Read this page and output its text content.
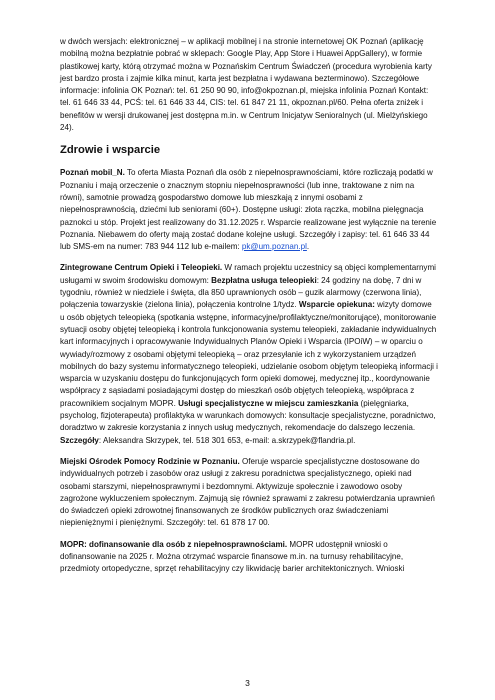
w dwóch wersjach: elektronicznej – w aplikacji mobilnej i na stronie internetowej OK Poznań (aplikację mobilną można bezpłatnie pobrać w sklepach: Google Play, App Store i Huawei AppGallery), w formie plastikowej karty, którą otrzymać można w Poznańskim Centrum Świadczeń (procedura wyrobienia karty jest bardzo prosta i zajmie kilka minut, karta jest bezpłatna i wydawana bezterminowo). Szczegółowe informacje: infolinia OK Poznań: tel. 61 250 90 90, info@okpoznan.pl, miejska infolinia Poznań Kontakt: tel. 61 646 33 44, PCŚ: tel. 61 646 33 44, CIS: tel. 61 847 21 11, okpoznan.pl/60. Pełna oferta zniżek i benefitów w wersji drukowanej jest dostępna m.in. w Centrum Inicjatyw Senioralnych (ul. Mielżyńskiego 24).

Zdrowie i wsparcie

Poznań mobil_N. To oferta Miasta Poznań dla osób z niepełnosprawnościami, które rozliczają podatki w Poznaniu i mają orzeczenie o znacznym stopniu niepełnosprawności (lub inne, traktowane z nim na równi), samotnie prowadzą gospodarstwo domowe lub mieszkają z innymi osobami z niepełnosprawnością, dziećmi lub seniorami (60+). Dostępne usługi: złota rączka, mobilna pielęgnacja paznokci u stóp. Projekt jest realizowany do 31.12.2025 r. Wsparcie realizowane jest wyłącznie na terenie Poznania. Niebawem do oferty mają zostać dodane kolejne usługi. Szczegóły i zapisy: tel. 61 646 33 44 lub SMS-em na numer: 783 944 112 lub e-mailem: pk@um.poznan.pl.

Zintegrowane Centrum Opieki i Teleopieki. W ramach projektu uczestnicy są objęci komplementarnymi usługami w swoim środowisku domowym: Bezpłatna usługa teleopieki: 24 godziny na dobę, 7 dni w tygodniu, również w niedziele i święta, dla 850 uprawnionych osób – guzik alarmowy (czerwona linia), połączenia towarzyskie (zielona linia), połączenia kontrolne 1/tydz. Wsparcie opiekuna: wizyty domowe u osób objętych teleopieką (spotkania wstępne, informacyjne/profilaktyczne/monitorujące), monitorowanie sytuacji osoby objętej teleopieką i kontrola funkcjonowania systemu teleopieki, zakładanie indywidualnych kart informacyjnych i opracowywanie Indywidualnych Planów Opieki i Wsparcia (IPOiW) – w oparciu o wywiady/rozmowy z osobami objętymi teleopieką – oraz przesyłanie ich z wykorzystaniem urządzeń mobilnych do bazy systemu informatycznego teleopieki, udzielanie osobom objętym teleopieką informacji i wsparcia w uzyskaniu dostępu do funkcjonujących form opieki domowej, medycznej itp., koordynowanie współpracy z sąsiadami posiadającymi dostęp do mieszkań osób objętych teleopieką, współpraca z pracownikiem socjalnym MOPR. Usługi specjalistyczne w miejscu zamieszkania (pielęgniarka, psycholog, fizjoterapeuta) profilaktyka w warunkach domowych: konsultacje specjalistyczne, poradnictwo, doradztwo w zakresie korzystania z innych usług medycznych, rekomendacje do dalszego leczenia. Szczegóły: Aleksandra Skrzypek, tel. 518 301 653, e-mail: a.skrzypek@flandria.pl.

Miejski Ośrodek Pomocy Rodzinie w Poznaniu. Oferuje wsparcie specjalistyczne dostosowane do indywidualnych potrzeb i zasobów oraz usługi z zakresu poradnictwa specjalistycznego, opieki nad osobami starszymi, niepełnosprawnymi i bezdomnymi. Aktywizuje społecznie i zawodowo osoby zagrożone wykluczeniem społecznym. Zajmują się również sprawami z zakresu potwierdzania uprawnień do świadczeń opieki zdrowotnej finansowanych ze środków publicznych oraz świadczeniami niepieniężnymi i pieniężnymi. Szczegóły: tel. 61 878 17 00.

MOPR: dofinansowanie dla osób z niepełnosprawnościami. MOPR udostępnił wnioski o dofinansowanie na 2025 r. Można otrzymać wsparcie finansowe m.in. na turnusy rehabilitacyjne, przedmioty ortopedyczne, sprzęt rehabilitacyjny czy likwidację barier architektonicznych. Wnioski

3
